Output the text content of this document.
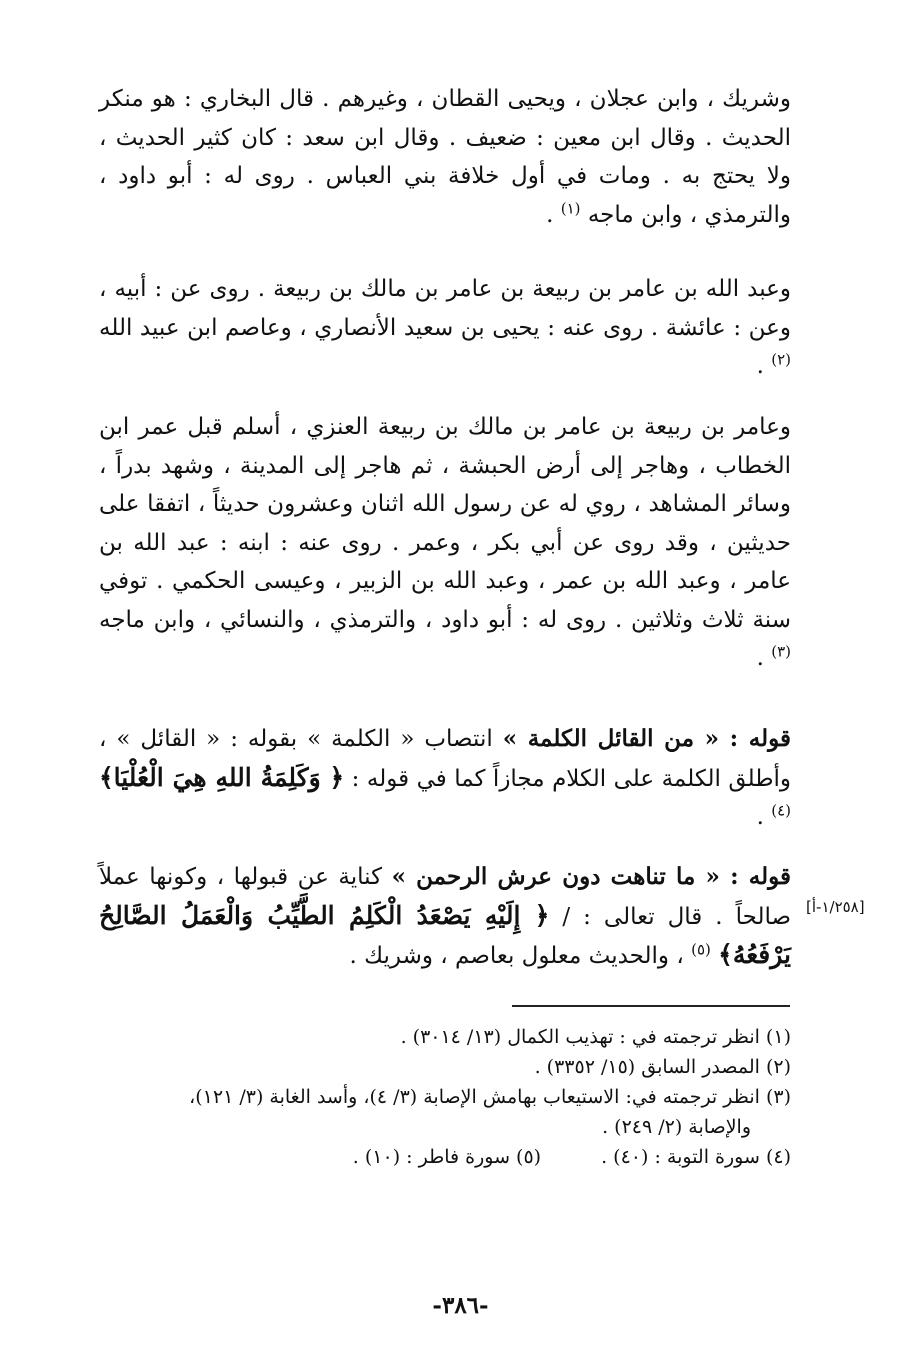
وشريك ، وابن عجلان ، ويحيى القطان ، وغيرهم . قال البخاري : هو منكر الحديث . وقال ابن معين : ضعيف . وقال ابن سعد : كان كثير الحديث ، ولا يحتج به . ومات في أول خلافة بني العباس . روى له : أبو داود ، والترمذي ، وابن ماجه $^{(١)}$ .

وعبد الله بن عامر بن ربيعة بن عامر بن مالك بن ربيعة . روى عن : أبيه ، وعن : عائشة . روى عنه : يحيى بن سعيد الأنصاري ، وعاصم ابن عبيد الله $^{(٢)}$ .

وعامر بن ربيعة بن عامر بن مالك بن ربيعة العنزي ، أسلم قبل عمر ابن الخطاب ، وهاجر إلى أرض الحبشة ، ثم هاجر إلى المدينة ، وشهد بدراً ، وسائر المشاهد ، روي له عن رسول الله اثنان وعشرون حديثاً ، اتفقا على حديثين ، وقد روى عن أبي بكر ، وعمر . روى عنه : ابنه : عبد الله بن عامر ، وعبد الله بن عمر ، وعبد الله بن الزبير ، وعيسى الحكمي . توفي سنة ثلاث وثلاثين . روى له : أبو داود ، والترمذي ، والنسائي ، وابن ماجه $^{(٣)}$ .

قوله : « من القائل الكلمة » انتصاب « الكلمة » بقوله : « القائل » ، وأطلق الكلمة على الكلام مجازاً كما في قوله : ﴿ وَكَلِمَةُ اللهِ هِيَ الْعُلْيَا﴾$^{(٤)}$ .

قوله : « ما تناهت دون عرش الرحمن » كناية عن قبولها ، وكونها عملاً صالحاً . قال تعالى : / ﴿ إِلَيْهِ يَصْعَدُ الْكَلِمُ الطَّيِّبُ وَالْعَمَلُ الصَّالِحُ يَرْفَعُهُ﴾ $^{(٥)}$ ، والحديث معلول بعاصم ، وشريك .

[١/٢٥٨-أ]

(١) انظر ترجمته في : تهذيب الكمال (١٣/ ٣٠١٤) .

(٢) المصدر السابق (١٥/ ٣٣٥٢) .

(٣) انظر ترجمته في: الاستيعاب بهامش الإصابة (٣/ ٤)، وأسد الغابة (٣/ ١٢١)،

والإصابة (٢/ ٢٤٩) .

(٤) سورة التوبة : (٤٠) .
(٥) سورة فاطر : (١٠) .
-٣٨٦-
